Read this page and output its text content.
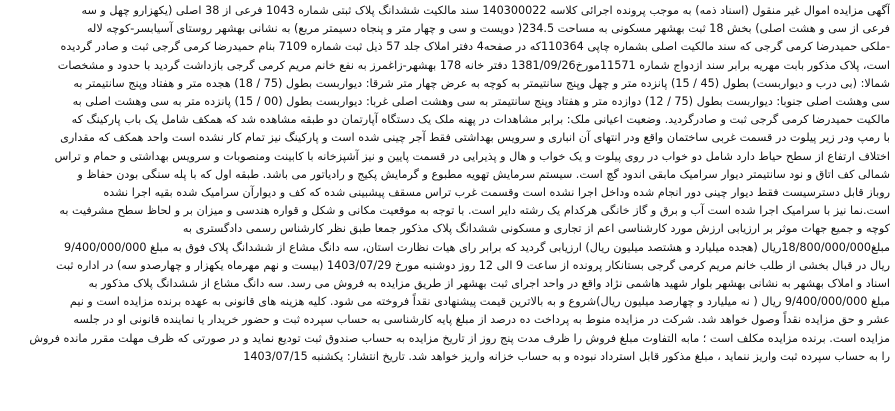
آگهی مزایده اموال غیر منقول (اسناد ذمه) به موجب پرونده اجرائی کلاسه 140300022 سند مالکیت ششدانگ پلاک ثبتی شماره 1043 فرعی از 38 اصلی (یکهزارو چهل و سه
فرعی از سی و هشت اصلی) بخش 18 ثبت بهشهر مسکونی به مساحت 234.5( دویست و سی و چهار متر و پنجاه دسیمتر مربع) به نشانی بهشهر روستای آسیابسر-کوچه لاله
-ملکی حمیدرضا کرمی گرجی که سند مالکیت اصلی بشماره چاپی 110364که در صفحه4 دفتر املاک جلد 57 ذیل ثبت شماره 7109 بنام حمیدرضا کرمی گرجی ثبت و صادر گردیده
است، پلاک مذکور بابت مهریه برابر سند ازدواج شماره 11571مورخ1381/09/26 دفتر خانه 178 بهشهر-زاغمرز به نفع خانم مریم کرمی گرجی بازداشت گردید با حدود و مشخصات
شمالا: (بی درب و دیواربست) بطول (45 / 15) پانزده متر و چهل وپنج سانتیمتر به کوچه به عرض چهار متر شرقا: دیواربست بطول (75 / 18) هجده متر و هفتاد وپنج سانتیمتر به
سی وهشت اصلی جنوبا: دیواربست بطول (75 / 12) دوازده متر و هفتاد وپنج سانتیمتر به سی وهشت اصلی غربا: دیواربست بطول (00 / 15) پانزده متر به سی وهشت اصلی به
مالکیت حمیدرضا کرمی گرجی ثبت و صادرگردید. وضعیت اعیانی ملک: برابر مشاهدات در پهنه ملک یک دستگاه آپارتمان دو طبقه مشاهده شد که همکف شامل یک باب پارکینگ که
با رمپ ودر زیر پیلوت در قسمت غربی ساختمان واقع ودر انتهای آن انباری و سرویس بهداشتی فقط آجر چینی شده است و پارکینگ نیز تمام کار نشده است واحد همکف که مقداری
اختلاف ارتفاع از سطح حیاط دارد شامل دو خواب در روی پیلوت و یک خواب و هال و پذیرایی در قسمت پایین و نیز آشپزخانه با کابینت ومنصوبات و سرویس بهداشتی و حمام و تراس
شمالی کف اتاق و نود سانتیمتر دیوار سرامیک مابقی اندود گچ است. سیستم سرمایش تهویه مطبوع و گرمایش پکیج و رادیاتور می باشد. طبقه اول که با پله سنگی بودن حفاظ و
روباز قابل دسترسیست فقط دیوار چینی دور انجام شده وداخل اجرا نشده است وقسمت غرب تراس مسقف پیشبینی شده که کف و دیوارآن سرامیک شده بقیه اجرا نشده
است.نما نیز با سرامیک اجرا شده است آب و برق و گاز خانگی هرکدام یک رشته دایر است. با توجه به موقعیت مکانی و شکل و قواره هندسی و میزان بر و لحاظ سطح مشرفیت به
کوچه و جمیع جهات موثر بر ارزیابی ارزش مورد کارشناسی اعم از تجاری و مسکونی ششدانگ پلاک مذکور جمعا طبق نظر کارشناس رسمی دادگستری به
مبلغ18/800/000/000ریال (هجده میلیارد و هشتصد میلیون ریال) ارزیابی گردید که برابر رای هیات نظارت استان، سه دانگ مشاع از ششدانگ پلاک فوق به مبلغ 9/400/000/000
ریال در قبال بخشی از طلب خانم مریم کرمی گرجی بستانکار پرونده از ساعت 9 الی 12 روز دوشنبه مورخ 1403/07/29 (بیست و نهم مهرماه یکهزار و چهارصدو سه) در اداره ثبت
اسناد و املاک بهشهر به نشانی بهشهر بلوار شهید هاشمی نژاد واقع در واحد اجرای ثبت بهشهر از طریق مزایده به فروش می رسد. سه دانگ مشاع از ششدانگ پلاک مذکور به
مبلغ 9/400/000/000 ریال ( نه میلیارد و چهارصد میلیون ریال)شروع و به بالاترین قیمت پیشنهادی نقداً فروخته می شود. کلیه هزینه های قانونی به عهده برنده مزایده است و نیم
عشر و حق مزایده نقداً وصول خواهد شد. شرکت در مزایده منوط به پرداخت ده درصد از مبلغ پایه کارشناسی به حساب سپرده ثبت و حضور خریدار یا نماینده قانونی او در جلسه
مزایده است. برنده مزایده مکلف است ؛ مابه التفاوت مبلغ فروش را ظرف مدت پنج روز از تاریخ مزایده به حساب صندوق ثبت تودیع نماید و در صورتی که ظرف مهلت مقرر مانده فروش
را به حساب سپرده ثبت واریز ننماید ، مبلغ مذکور قابل استرداد نبوده و به حساب خزانه واریز خواهد شد. تاریخ انتشار: یکشنبه 1403/07/15
